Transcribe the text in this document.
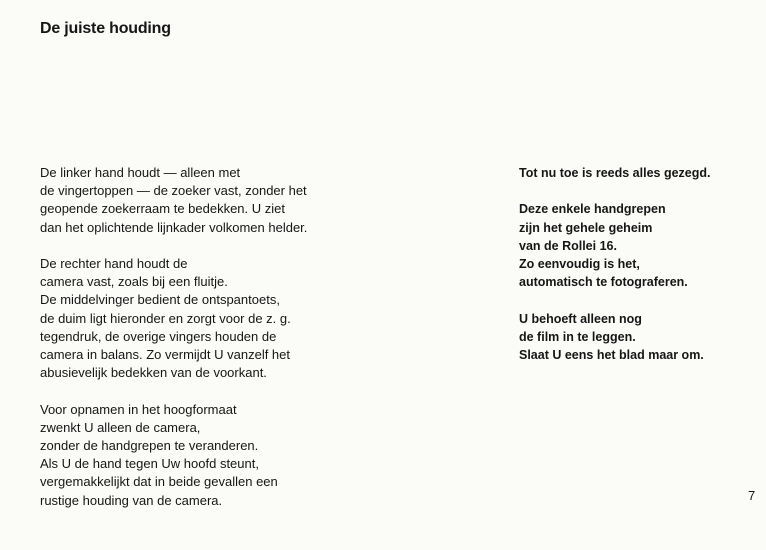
De juiste houding

De linker hand houdt — alleen met
de vingertoppen — de zoeker vast, zonder het
geopende zoekerraam te bedekken. U ziet
dan het oplichtende lijnkader volkomen helder.

De rechter hand houdt de
camera vast, zoals bij een fluitje.
De middelvinger bedient de ontspantoets,
de duim ligt hieronder en zorgt voor de z. g.
tegendruk, de overige vingers houden de
camera in balans. Zo vermijdt U vanzelf het
abusievelijk bedekken van de voorkant.

Voor opnamen in het hoogformaat
zwenkt U alleen de camera,
zonder de handgrepen te veranderen.
Als U de hand tegen Uw hoofd steunt,
vergemakkelijkt dat in beide gevallen een
rustige houding van de camera.

Tot nu toe is reeds alles gezegd.

Deze enkele handgrepen
zijn het gehele geheim
van de Rollei 16.
Zo eenvoudig is het,
automatisch te fotograferen.

U behoeft alleen nog
de film in te leggen.
Slaat U eens het blad maar om.

7
